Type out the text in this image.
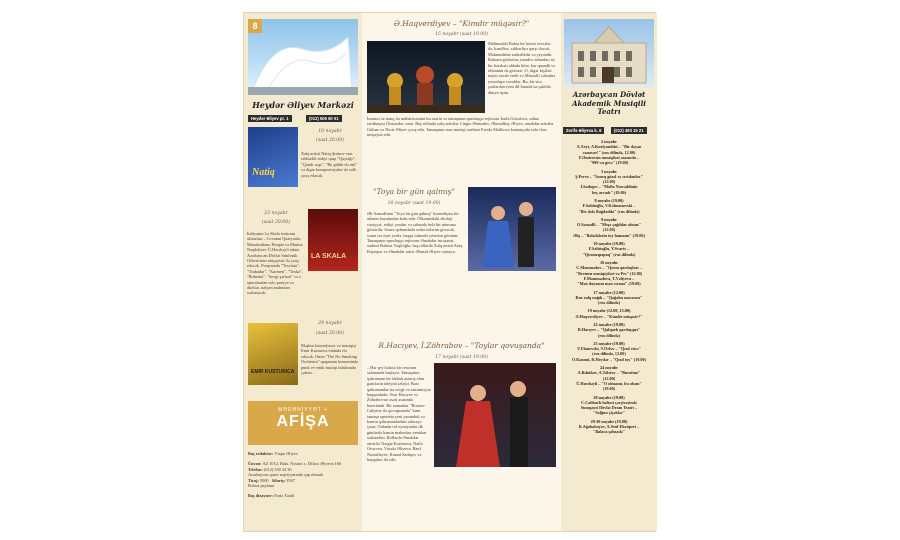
8
Heydər Əliyev Mərkəzi
Heydər Əliyev pr. 1	(012) 505 60 01
10 noyabr
(saat 20.00)
Natiq
Xalq artisti Natiq Şirinov-vun rəhbərlik etdiyi qrup "Qaytağı", "Qəmli rəqs", "Bu gülüb ilə ruh" və digər kompozisiyalar də cəlb çıxış edəcək.
23 noyabr
(saat 20.00)
LA SKALA
İtaliyanın La Skala teatrının ulduzları – Covanni Quatyardo, Massimiliano Pisapia və Marina Nəqdəliyev Ü.Hacıbəyli adına Azərbaycan Dövlət Simfonik Orkestrinin müşayiəti ilə çıxış edəcək. Proqramda "Traviata", "Trubadur", "Karmen", "Toska", "Bohema", "Sevgi şərbəti" və s. operalardan solo partiya və duetlər, italyan mahnıları səslənəcək.
29 noyabr
(saat 20.00)
EMIR KUSTURICA
Məşhur kinorejissor və musiqiçi Emir Kusturica önündə ifa edəcək. Onun "The No Smoking Orchestra" qrupunun konsertində punk ve etnik musiqi üslubunda çalınır.
MƏDƏNİYYƏT +
AFİŞA
Baş redaktor: Vüqar Əliyev
Ünvan: AZ 1012, Bakı, Nəsimi r., Dilarə Əliyeva 160
Telefon: (012) 530 34 36
Azərbaycan qəzet nəşriyyatında çap olunub
Tiraj: 5000 Sifariş: 3567
Pulsuz paylanır
Baş dizayner: Fariz Turali
Ə.Haqverdiyev – "Kimdir müqəsir?"
15 noyabr (saat 19.00)
Mahmudəli Bahar bir bizim sevsələr də, kəndlisə, rəhbərliyə qarşı dəvəti, Mahmudalan tənbəlikdir və yeyəndir. Baharın gözlərinə yaradıcı adamları öz bir hərəkəti aldada bilər, hər qanadlı və ölümünü də göstərir. O, digər kişiləri nəyin cavab verib və Müxtəlif cəhətinə yaxınlaşır cavablar. Bu, bir sira şərtlərdən iyini dil burada nə şəkildə dünya üçün.
İnsanın öz natıq ilə mübarizəsinin bu əsərin və tamaşanın quruluşçu rejissoru İradə Gözəlova, səhnə tərtibatçısı Ömrəxdar cəmi. Baş rollarda xalq artistlər Cingiz Əhmədov, Əhmədbəy Əliyev, əməkdar artistlər Gülnar və Nicat Əliyev çıxış edir. Tamaşanın əsas musiqi tərtibatı Fəridə Məlikova kamançada solo ifası müşayiət edir.
"Toya bir gün qalmış"
16 noyabr (saat 19.00)
Əli Səmədlinin "Toya bir gün qalmış" komediyası bir ailənin həyatından bəhs edir. Ölkəmizdəki ekoloji vəziyyət, etdiyi yoxdur və səhnədə belə bir nümunə göstərilir. Sonra qohumlarla onlar özlərini görəcək, sonra isə eyni yerdə, başqa səhnədə yenidən görünür. Tamaşanın quruluşçu rejissoru Əməkdar incəsənət xadimi Bəhruz Vaqifoğlu, baş rollarda Xalq artisti Afaq Bəşirqızı və Əməkdar artist Əhməd Əliyev oynayır.
R.Hacıyev, İ.Zöhrabov – "Toylar qovuşanda"
17 noyabr (saat 19.00)
...Hər şey bəlaca bir restoran salonunda başlayır. Tamaşanın qəhrəmanı bir iddialı axtarış olan gənclərin taleyini izləyir. Bəzi qəhrəmanlar isə sevgi və səmimiyyət haqqındadır. Əsər Hacıyev və Zöhrabovun əsəri əsasında hazırlanıb. Bir zamanlar "Romeo-Cülyetta ilə qovuşmanda" kimi tamaşa operetta yeni yaranıbdı və həmin qəhrəmanlardan səhnəyə çıxar. Onlarda rol oynayanlar ilk günlərdə həmin mahnıları yenidən səsləndirir. Rollarda Əməkdar artistlər Nərgiz Kərimova, Nailə Orucova, Vüsalə Əliyeva, Rauf Nəsrullayev, Kamal Sadıqov və başqaları ifa edir.
Azərbaycan Dövlət Akademik Musiqili Teatrı
Zərifə Əliyeva k. 8	(012) 493 15 21
2 noyabr
A.Xeyt, A.Kuzlyandski – "Bir dəyən
canavar!" (rus dilində, 12.00)
F.Əmirovun musiqiləri əsasında –
"999-cu gecə" (19.00)
3 noyabr
Ş.Perro – "İsmeq gözəl və cırtdanlar"
(12.00)
İ.Sadıqov – "Molla Nəsrəddinin
beş arvadı" (19.00)
8 noyabr (19.00)
F.Sabitoğlu, V.Kolmanovski –
"Bir dəfə Bağdadda" (rus dilində)
9 noyabr
O.Səmədli – "Meşə çağıldar olmaz"
(12.00)
Əliş – "Bələdələrin toy hamamı" (19.00)
10 noyabr (19.00)
F.Sabitoğlu, Y.Svarts –
"Qırmızıpapaq" (rus dilində)
16 noyabr
C.Məmmədov – "Qırım qardaşları –
"Bremen musiqiçiləri və Pes" (12.00)
F.Məmmədova, T.Vəliyeva –
"Mən dayazım mən cırana" (19.00)
17 noyabr (12.00)
Rus xalq nağılı – "Qoğalın macərası"
(rus dilində)
19 noyabr (12.00, 15.00)
Ə.Haqverdiyev – "Kimdir müqəsir?"
22 noyabr (19.00)
R.Hacıyev – "Qafqazlı qardaşqızı"
(rus dilində)
23 noyabr (19.00)
V.Ulanovski, V.Orlov – "Qızıl cücə"
(rus dilində, 12.00)
O.Kazımi, R.Heydər – "Qızıl toy" (19.00)
24 noyabr
A.Rılnikov, A.Tolstoy – "Buratino"
(12.00)
Ü.Hacıbəyli – "O olmasın, bu olsun"
(19.00)
28 noyabr (19.00)
C.Cabbarlı həftəsi çərçivəsində
Sumqayıt Dövlət Dram Teatrı –
"Solğun çiçəklər"
29-30 noyabr (19.00)
R.Ağababayev, A.Senl-Ekzüperi –
"Balaca şahzadə"
